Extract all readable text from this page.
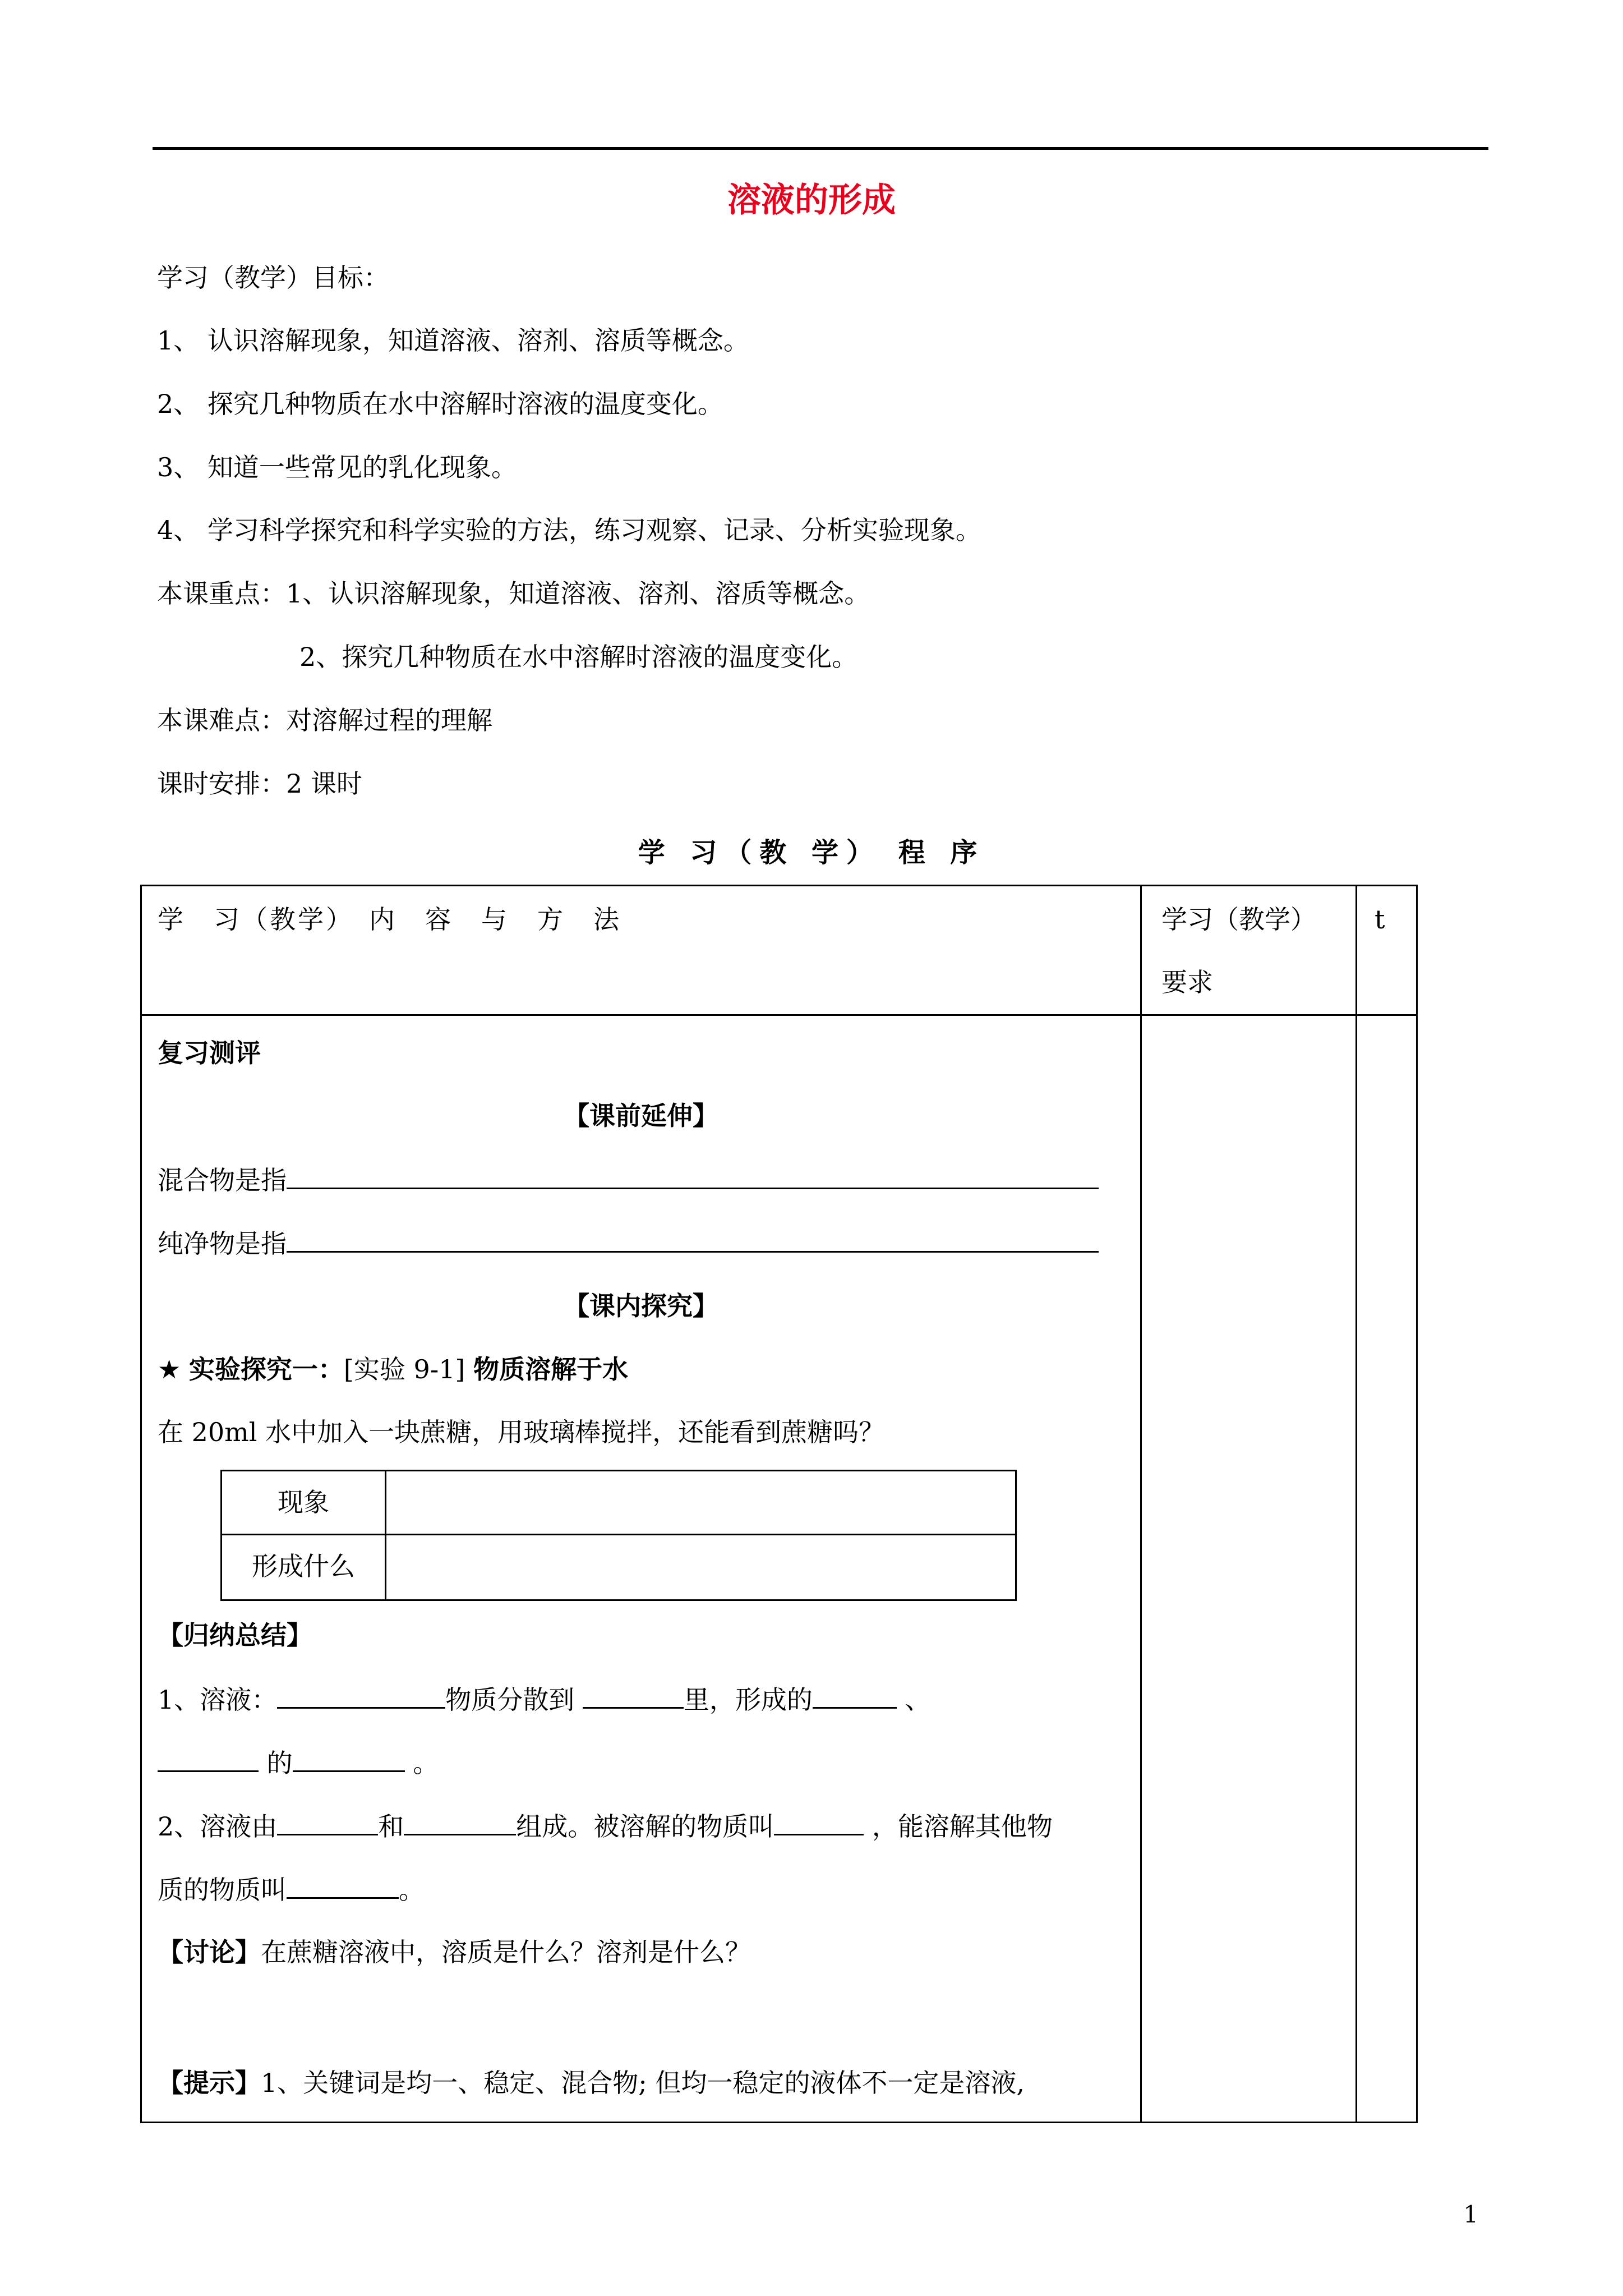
溶液的形成
学习（教学）目标：
1、 认识溶解现象，知道溶液、溶剂、溶质等概念。
2、 探究几种物质在水中溶解时溶液的温度变化。
3、 知道一些常见的乳化现象。
4、 学习科学探究和科学实验的方法，练习观察、记录、分析实验现象。
本课重点：1、认识溶解现象，知道溶液、溶剂、溶质等概念。
2、探究几种物质在水中溶解时溶液的温度变化。
本课难点：对溶解过程的理解
课时安排：2 课时
学 习（教 学） 程 序
学　习（教学）　内　容　与　方　法	学习（教学）
要求
t
复习测评
【课前延伸】
混合物是指
纯净物是指
【课内探究】
★ 实验探究一：[实验 9-1] 物质溶解于水
在 20ml 水中加入一块蔗糖，用玻璃棒搅拌，还能看到蔗糖吗？
现象
形成什么
【归纳总结】
1、溶液：	物质分散到	里，形成的	、
的	。
2、溶液由	和	组成。被溶解的物质叫	，能溶解其他物
质的物质叫	。
【讨论】在蔗糖溶液中，溶质是什么？溶剂是什么？
【提示】1、关键词是均一、稳定、混合物; 但均一稳定的液体不一定是溶液,
1
